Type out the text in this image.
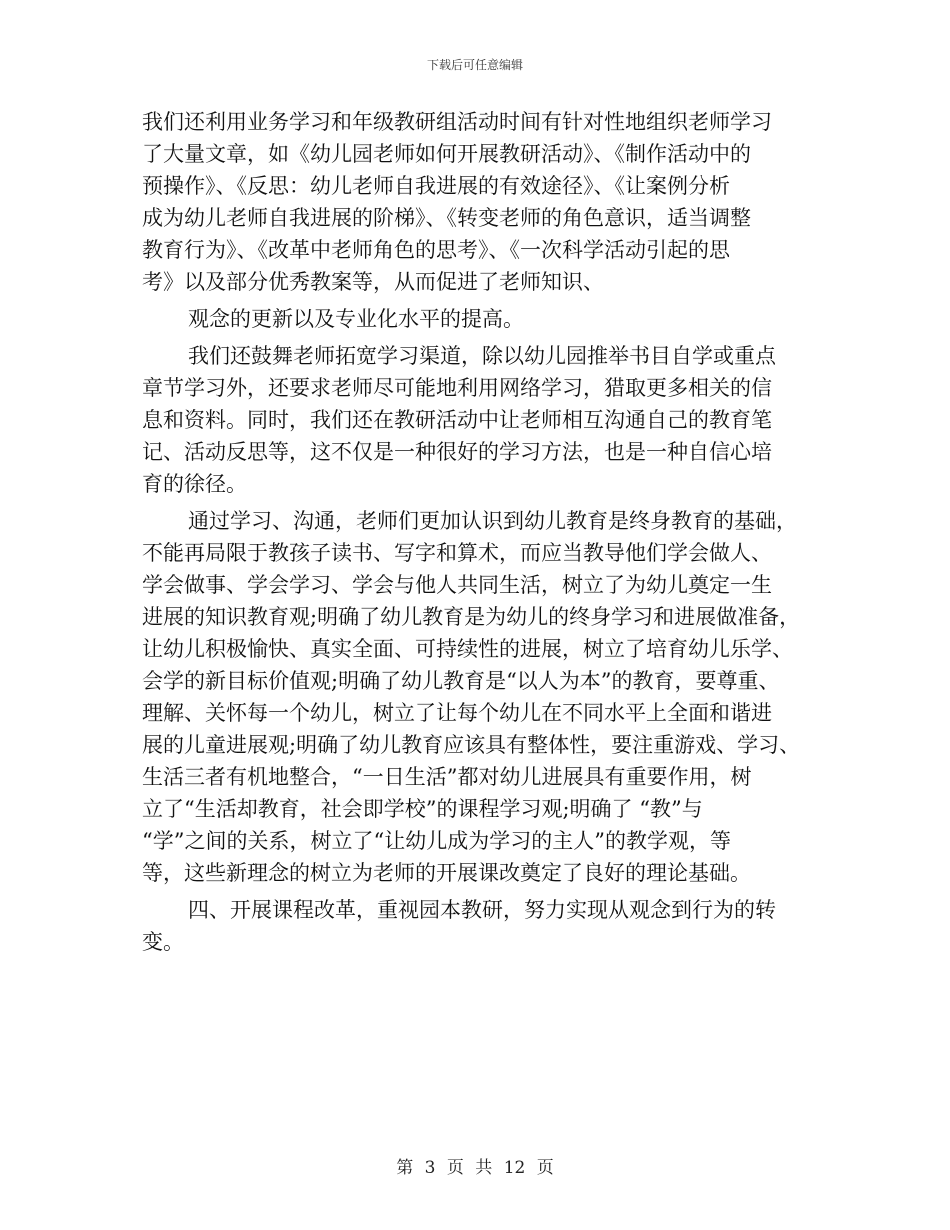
下载后可任意编辑
我们还利用业务学习和年级教研组活动时间有针对性地组织老师学习
了大量文章，如《幼儿园老师如何开展教研活动》、《制作活动中的
预操作》、《反思：幼儿老师自我进展的有效途径》、《让案例分析
成为幼儿老师自我进展的阶梯》、《转变老师的角色意识，适当调整
教育行为》、《改革中老师角色的思考》、《一次科学活动引起的思
考》以及部分优秀教案等，从而促进了老师知识、
观念的更新以及专业化水平的提高。
我们还鼓舞老师拓宽学习渠道，除以幼儿园推举书目自学或重点
章节学习外，还要求老师尽可能地利用网络学习，猎取更多相关的信
息和资料。同时，我们还在教研活动中让老师相互沟通自己的教育笔
记、活动反思等，这不仅是一种很好的学习方法，也是一种自信心培
育的徐径。
通过学习、沟通，老师们更加认识到幼儿教育是终身教育的基础，
不能再局限于教孩子读书、写字和算术，而应当教导他们学会做人、
学会做事、学会学习、学会与他人共同生活，树立了为幼儿奠定一生
进展的知识教育观;明确了幼儿教育是为幼儿的终身学习和进展做准备，
让幼儿积极愉快、真实全面、可持续性的进展，树立了培育幼儿乐学、
会学的新目标价值观;明确了幼儿教育是“以人为本”的教育，要尊重、
理解、关怀每一个幼儿，树立了让每个幼儿在不同水平上全面和谐进
展的儿童进展观;明确了幼儿教育应该具有整体性，要注重游戏、学习、
生活三者有机地整合，“一日生活”都对幼儿进展具有重要作用，树
立了“生活却教育，社会即学校”的课程学习观;明确了 “教”与
“学”之间的关系，树立了“让幼儿成为学习的主人”的教学观，等
等，这些新理念的树立为老师的开展课改奠定了良好的理论基础。
四、开展课程改革，重视园本教研，努力实现从观念到行为的转
变。
第 3 页 共 12 页
